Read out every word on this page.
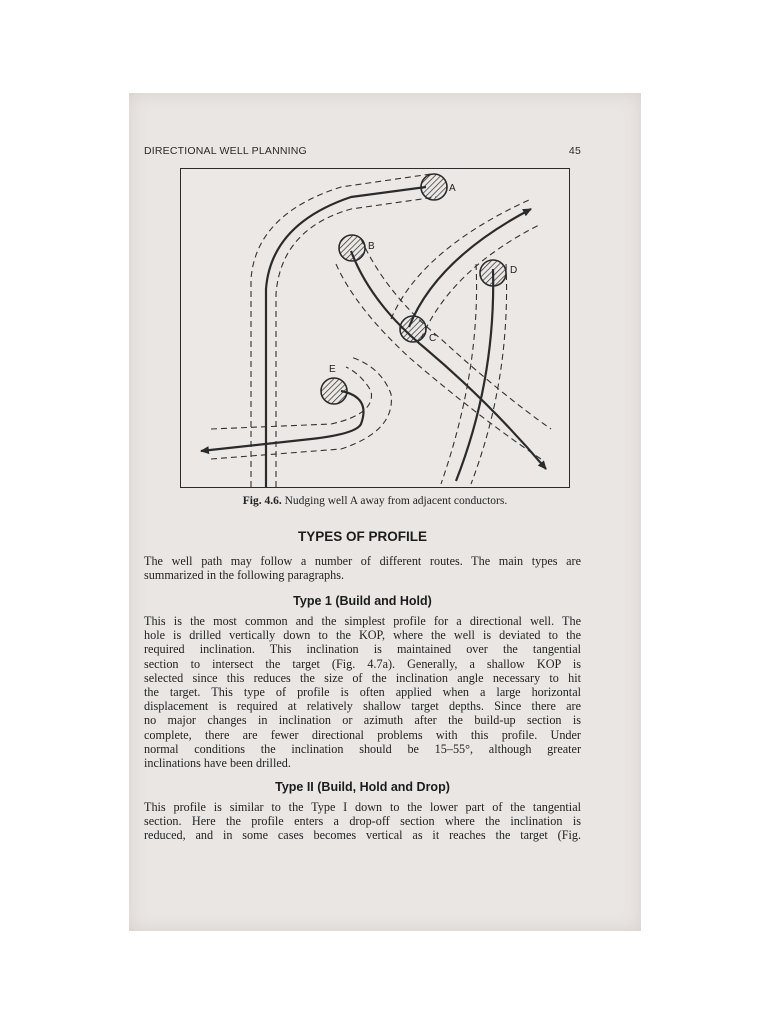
DIRECTIONAL WELL PLANNING	45
A
B
C
D
E
Fig. 4.6. Nudging well A away from adjacent conductors.
TYPES OF PROFILE
The well path may follow a number of different routes. The main types are
summarized in the following paragraphs.
Type 1 (Build and Hold)
This is the most common and the simplest profile for a directional well. The
hole is drilled vertically down to the KOP, where the well is deviated to the
required inclination. This inclination is maintained over the tangential
section to intersect the target (Fig. 4.7a). Generally, a shallow KOP is
selected since this reduces the size of the inclination angle necessary to hit
the target. This type of profile is often applied when a large horizontal
displacement is required at relatively shallow target depths. Since there are
no major changes in inclination or azimuth after the build-up section is
complete, there are fewer directional problems with this profile. Under
normal conditions the inclination should be 15–55°, although greater
inclinations have been drilled.
Type II (Build, Hold and Drop)
This profile is similar to the Type I down to the lower part of the tangential
section. Here the profile enters a drop-off section where the inclination is
reduced, and in some cases becomes vertical as it reaches the target (Fig.
